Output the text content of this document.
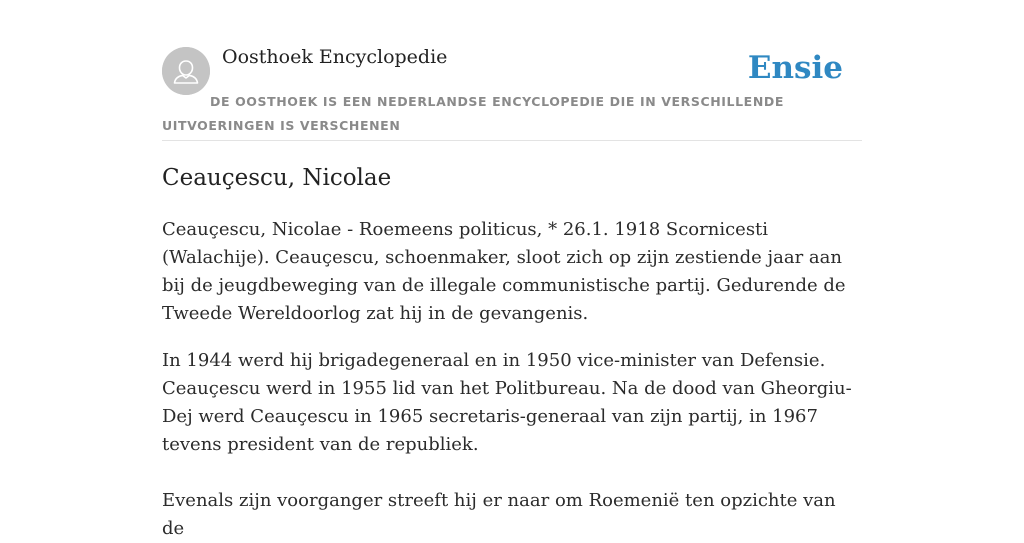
Oosthoek Encyclopedie	Ensie
DE OOSTHOEK IS EEN NEDERLANDSE ENCYCLOPEDIE DIE IN VERSCHILLENDE UITVOERINGEN IS VERSCHENEN
Ceauçescu, Nicolae

Ceauçescu, Nicolae - Roemeens politicus, * 26.1. 1918 Scornicesti (Walachije). Ceauçescu, schoenmaker, sloot zich op zijn zestiende jaar aan bij de jeugdbeweging van de illegale communistische partij. Gedurende de Tweede Wereldoorlog zat hij in de gevangenis.

In 1944 werd hij brigadegeneraal en in 1950 vice-minister van Defensie. Ceauçescu werd in 1955 lid van het Politbureau. Na de dood van Gheorgiu-Dej werd Ceauçescu in 1965 secretaris-generaal van zijn partij, in 1967 tevens president van de republiek.

Evenals zijn voorganger streeft hij er naar om Roemenië ten opzichte van de
